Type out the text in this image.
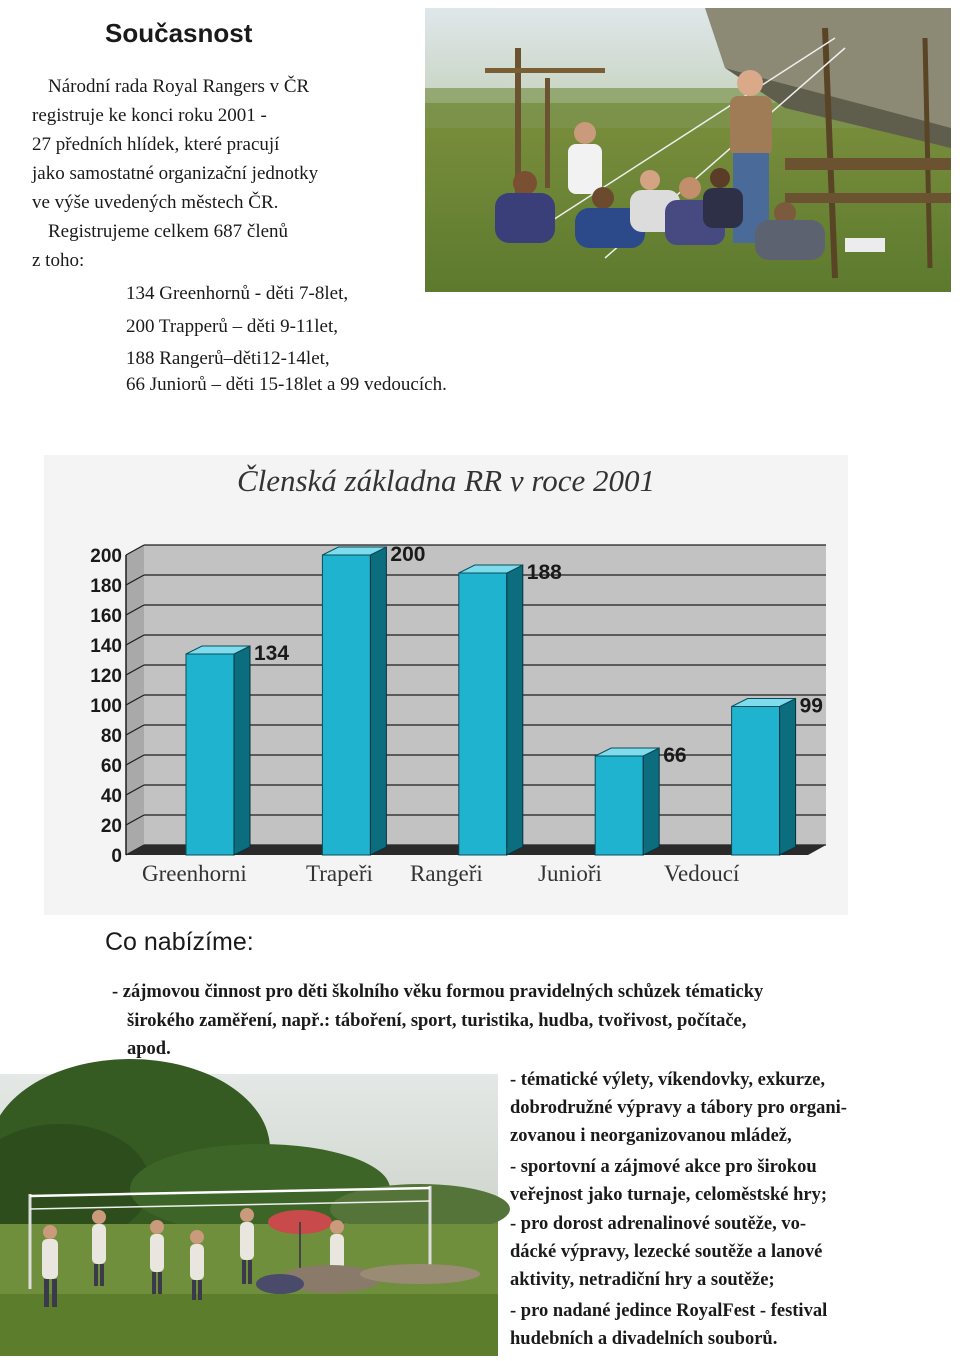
Současnost
Národní rada Royal Rangers v ČR
registruje ke konci roku 2001 -
27 předních hlídek, které pracují
jako samostatné organizační jednotky
ve výše uvedených městech ČR.
Registrujeme celkem 687 členů
z toho:
134 Greenhornů - děti 7-8let,
200 Trapperů – děti 9-11let,
188 Rangerů–děti12-14let,
66 Juniorů – děti 15-18let a 99 vedoucích.
Členská základna RR v roce 2001
0
20
40
60
80
100
120
140
160
180
200
134
200
188
66
99
Greenhorni	Trapeři Rangeři Junioři	Vedoucí
Co nabízíme:
- zájmovou činnost pro děti školního věku formou pravidelných schůzek tématicky
širokého zaměření, např.: táboření, sport, turistika, hudba, tvořivost, počítače,
apod.
- tématické výlety, víkendovky, exkurze,
dobrodružné výpravy a tábory pro organi-
zovanou i neorganizovanou mládež,
- sportovní a zájmové akce pro širokou
veřejnost jako turnaje, celoměstské hry;
- pro dorost adrenalinové soutěže, vo-
dácké výpravy, lezecké soutěže a lanové
aktivity, netradiční hry a soutěže;
- pro nadané jedince RoyalFest - festival
hudebních a divadelních souborů.
